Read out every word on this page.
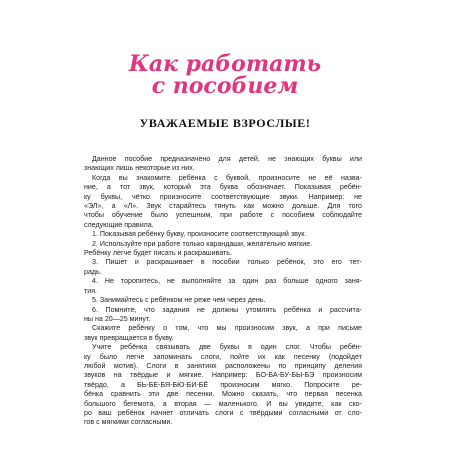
Как работать
с пособием
УВАЖАЕМЫЕ ВЗРОСЛЫЕ!
Данное пособие предназначено для детей, не знающих буквы или
знающих лишь некоторые из них.
Когда вы знакомите ребёнка с буквой, произносите не её назва-
ние, а тот звук, который эта буква обозначает. Показывая ребён-
ку буквы, чётко произносите соответствующие звуки. Например: не
«ЭЛ», а «Л». Звук старайтесь тянуть как можно дольше. Для того
чтобы обучение было успешным, при работе с пособием соблюдайте
следующие правила.
1. Показывая ребёнку букву, произносите соответствующий звук.
2. Используйте при работе только карандаши, желательно мягкие.
Ребёнку легче будет писать и раскрашивать.
3. Пишет и раскрашивает в пособии только ребёнок, это его тет-
радь.
4. Не торопитесь, не выполняйте за один раз больше одного заня-
тия.
5. Занимайтесь с ребёнком не реже чем через день.
6. Помните, что задания не должны утомлять ребёнка и рассчита-
ны на 20—25 минут.
Скажите ребёнку о том, что мы произносим звук, а при письме
звук превращается в букву.
Учите ребёнка связывать две буквы в один слог. Чтобы ребён-
ку было легче запоминать слоги, пойте их как песенку (подойдет
любой мотив). Слоги в занятиях расположены по принципу деления
звуков на твёрдые и мягкие. Например: БО-БА-БУ-БЫ-БЭ произносим
твёрдо, а БЬ-БЕ-БЯ-БЮ-БИ-БЁ произносим мягко. Попросите ре-
бёнка сравнить эти две песенки. Можно сказать, что первая песенка
большого бегемота, а вторая — маленького. И вы увидите, как ско-
ро ваш ребёнок начнет отличать слоги с твёрдыми согласными от сло-
гов с мягкими согласными.
